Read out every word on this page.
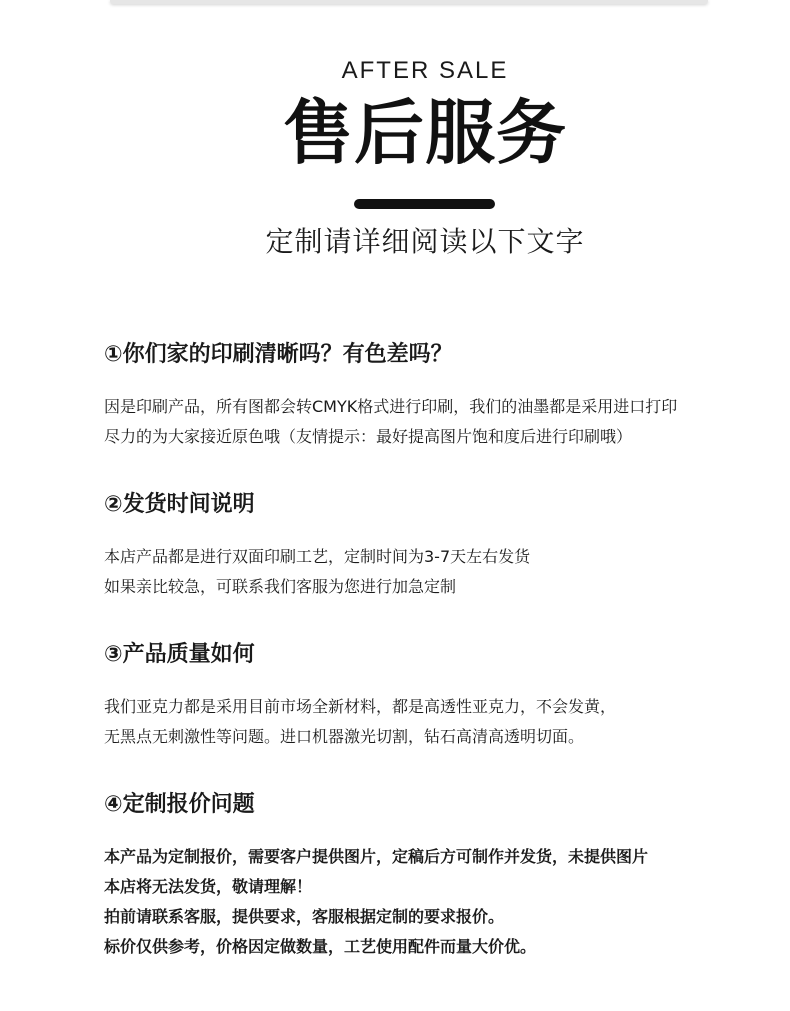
AFTER SALE
售后服务
定制请详细阅读以下文字
①你们家的印刷清晰吗？有色差吗？
因是印刷产品，所有图都会转CMYK格式进行印刷，我们的油墨都是采用进口打印
尽力的为大家接近原色哦（友情提示：最好提高图片饱和度后进行印刷哦）
②发货时间说明
本店产品都是进行双面印刷工艺，定制时间为3-7天左右发货
如果亲比较急，可联系我们客服为您进行加急定制
③产品质量如何
我们亚克力都是采用目前市场全新材料，都是高透性亚克力，不会发黄，
无黑点无刺激性等问题。进口机器激光切割，钻石高清高透明切面。
④定制报价问题
本产品为定制报价，需要客户提供图片，定稿后方可制作并发货，未提供图片
本店将无法发货，敬请理解！
拍前请联系客服，提供要求，客服根据定制的要求报价。
标价仅供参考，价格因定做数量，工艺使用配件而量大价优。
